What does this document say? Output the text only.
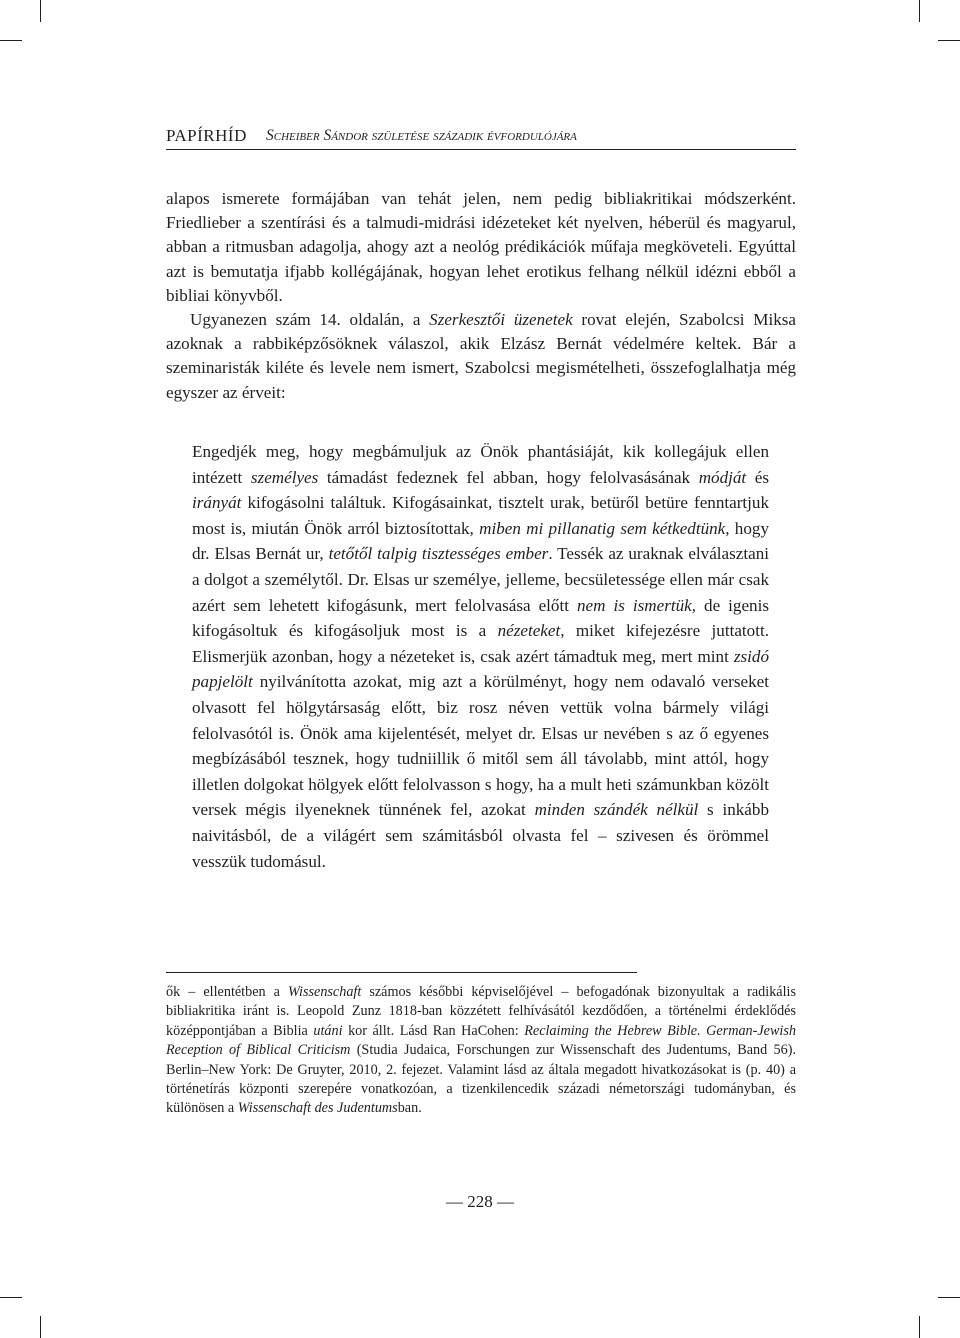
PAPÍRHÍD Scheiber Sándor születése századik évfordulójára

alapos ismerete formájában van tehát jelen, nem pedig bibliakritikai módszerként. Friedlieber a szentírási és a talmudi-midrási idézeteket két nyelven, héberül és magyarul, abban a ritmusban adagolja, ahogy azt a neológ prédikációk műfaja megköveteli. Egyúttal azt is bemutatja ifjabb kollégájának, hogyan lehet erotikus felhang nélkül idézni ebből a bibliai könyvből.

Ugyanezen szám 14. oldalán, a Szerkesztői üzenetek rovat elején, Szabolcsi Miksa azoknak a rabbiképzősöknek válaszol, akik Elzász Bernát védelmére keltek. Bár a szeminaristák kiléte és levele nem ismert, Szabolcsi megismételheti, összefoglalhatja még egyszer az érveit:

Engedjék meg, hogy megbámuljuk az Önök phantásiáját, kik kollegájuk ellen intézett személyes támadást fedeznek fel abban, hogy felolvasásának módját és irányát kifogásolni találtuk. Kifogásainkat, tisztelt urak, betüről betüre fenntartjuk most is, miután Önök arról biztosítottak, miben mi pillanatig sem kétkedtünk, hogy dr. Elsas Bernát ur, tetőtől talpig tisztességes ember. Tessék az uraknak elválasztani a dolgot a személytől. Dr. Elsas ur személye, jelleme, becsületessége ellen már csak azért sem lehetett kifogásunk, mert felolvasása előtt nem is ismertük, de igenis kifogásoltuk és kifogásoljuk most is a nézeteket, miket kifejezésre juttatott. Elismerjük azonban, hogy a nézeteket is, csak azért támadtuk meg, mert mint zsidó papjelölt nyilvánította azokat, mig azt a körülményt, hogy nem odavaló verseket olvasott fel hölgytársaság előtt, biz rosz néven vettük volna bármely világi felolvasótól is. Önök ama kijelentését, melyet dr. Elsas ur nevében s az ő egyenes megbízásából tesznek, hogy tudniillik ő mitől sem áll távolabb, mint attól, hogy illetlen dolgokat hölgyek előtt felolvasson s hogy, ha a mult heti számunkban közölt versek mégis ilyeneknek tünnének fel, azokat minden szándék nélkül s inkább naivitásból, de a világért sem számitásból olvasta fel – szivesen és örömmel vesszük tudomásul.
ők – ellentétben a Wissenschaft számos későbbi képviselőjével – befogadónak bizonyultak a radikális bibliakritika iránt is. Leopold Zunz 1818-ban közzétett felhívásától kezdődően, a történelmi érdeklődés középpontjában a Biblia utáni kor állt. Lásd Ran HaCohen: Reclaiming the Hebrew Bible. German-Jewish Reception of Biblical Criticism (Studia Judaica, Forschungen zur Wissenschaft des Judentums, Band 56). Berlin–New York: De Gruyter, 2010, 2. fejezet. Valamint lásd az általa megadott hivatkozásokat is (p. 40) a történetírás központi szerepére vonatkozóan, a tizenkilencedik századi németországi tudományban, és különösen a Wissenschaft des Judentumsban.
— 228 —
